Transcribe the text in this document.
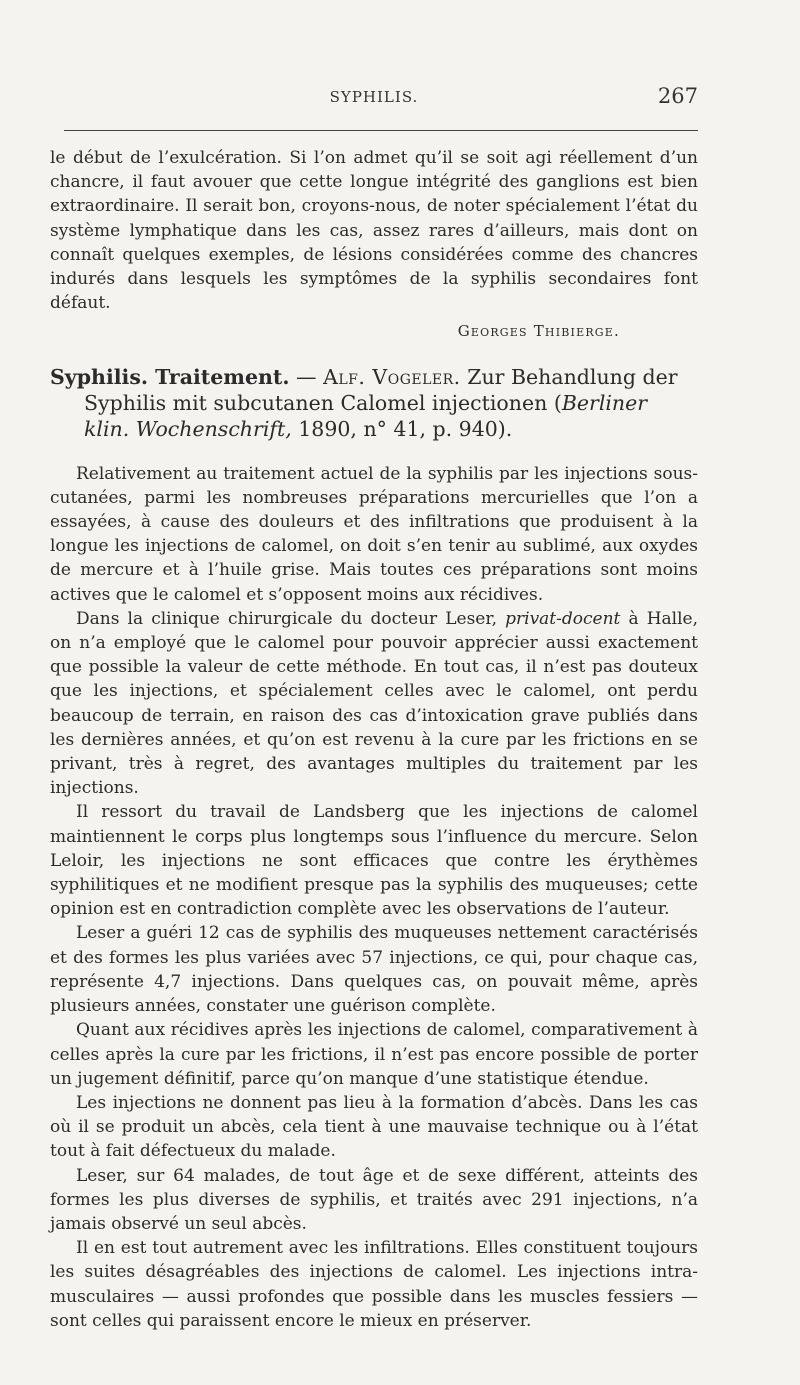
SYPHILIS.	267

le début de l’exulcération. Si l’on admet qu’il se soit agi réellement d’un chancre, il faut avouer que cette longue intégrité des ganglions est bien extraordinaire. Il serait bon, croyons-nous, de noter spécialement l’état du système lymphatique dans les cas, assez rares d’ailleurs, mais dont on connaît quelques exemples, de lésions considérées comme des chancres indurés dans lesquels les symptômes de la syphilis secondaires font défaut.

Georges Thibierge.

Syphilis. Traitement. — Alf. Vogeler. Zur Behandlung der Syphilis mit subcutanen Calomel injectionen (Berliner klin. Wochenschrift, 1890, n° 41, p. 940).

Relativement au traitement actuel de la syphilis par les injections sous-cutanées, parmi les nombreuses préparations mercurielles que l’on a essayées, à cause des douleurs et des infiltrations que produisent à la longue les injections de calomel, on doit s’en tenir au sublimé, aux oxydes de mercure et à l’huile grise. Mais toutes ces préparations sont moins actives que le calomel et s’opposent moins aux récidives.

Dans la clinique chirurgicale du docteur Leser, privat-docent à Halle, on n’a employé que le calomel pour pouvoir apprécier aussi exactement que possible la valeur de cette méthode. En tout cas, il n’est pas douteux que les injections, et spécialement celles avec le calomel, ont perdu beaucoup de terrain, en raison des cas d’intoxication grave publiés dans les dernières années, et qu’on est revenu à la cure par les frictions en se privant, très à regret, des avantages multiples du traitement par les injections.

Il ressort du travail de Landsberg que les injections de calomel maintiennent le corps plus longtemps sous l’influence du mercure. Selon Leloir, les injections ne sont efficaces que contre les érythèmes syphilitiques et ne modifient presque pas la syphilis des muqueuses; cette opinion est en contradiction complète avec les observations de l’auteur.

Leser a guéri 12 cas de syphilis des muqueuses nettement caractérisés et des formes les plus variées avec 57 injections, ce qui, pour chaque cas, représente 4,7 injections. Dans quelques cas, on pouvait même, après plusieurs années, constater une guérison complète.

Quant aux récidives après les injections de calomel, comparativement à celles après la cure par les frictions, il n’est pas encore possible de porter un jugement définitif, parce qu’on manque d’une statistique étendue.

Les injections ne donnent pas lieu à la formation d’abcès. Dans les cas où il se produit un abcès, cela tient à une mauvaise technique ou à l’état tout à fait défectueux du malade.

Leser, sur 64 malades, de tout âge et de sexe différent, atteints des formes les plus diverses de syphilis, et traités avec 291 injections, n’a jamais observé un seul abcès.

Il en est tout autrement avec les infiltrations. Elles constituent toujours les suites désagréables des injections de calomel. Les injections intra-musculaires — aussi profondes que possible dans les muscles fessiers — sont celles qui paraissent encore le mieux en préserver.
